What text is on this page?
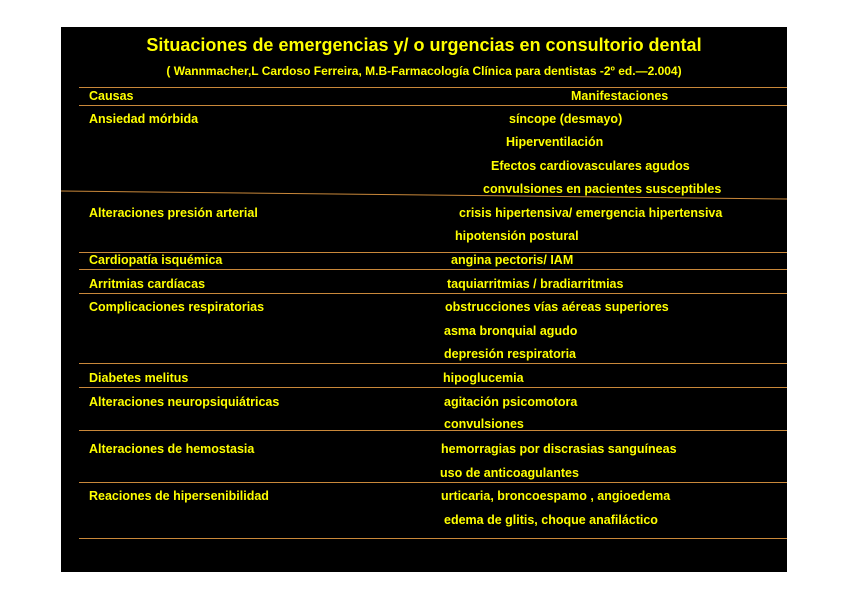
Situaciones de emergencias y/ o urgencias en consultorio dental
( Wannmacher,L Cardoso Ferreira, M.B-Farmacología Clínica para dentistas -2º ed.—2.004)
Causas	Manifestaciones
Ansiedad mórbida	síncope (desmayo)
Hiperventilación
Efectos cardiovasculares agudos
convulsiones en pacientes susceptibles
Alteraciones presión arterial	crisis hipertensiva/ emergencia hipertensiva
hipotensión postural
Cardiopatía isquémica	angina pectoris/ IAM
Arritmias cardíacas	taquiarritmias / bradiarritmias
Complicaciones respiratorias	obstrucciones vías aéreas superiores
asma bronquial agudo
depresión respiratoria
Diabetes melitus	hipoglucemia
Alteraciones neuropsiquiátricas	agitación psicomotora
convulsiones
Alteraciones de hemostasia	hemorragias por discrasias sanguíneas
uso de anticoagulantes
Reaciones de hipersenibilidad	urticaria, broncoespamo , angioedema
edema de glitis, choque anafiláctico
